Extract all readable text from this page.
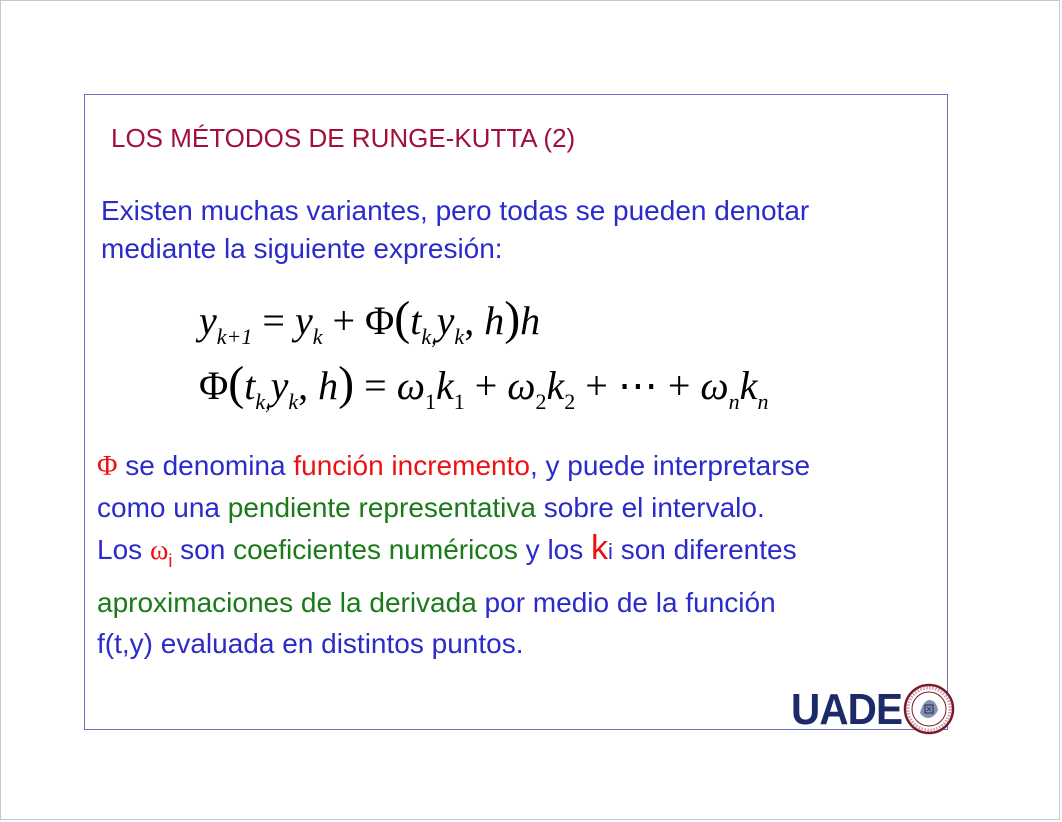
LOS MÉTODOS DE RUNGE-KUTTA (2)
Existen muchas variantes, pero todas se pueden denotar
mediante la siguiente expresión:
$y_{k+1} = y_k + \Phi(t_{k,}y_k$, h)h
$\Phi(t_{k,}y_k$, $h) = \omega_1k_1 + \omega_2k_2$ + ⋯ + $\omega_nk_n$
Φ se denomina función incremento, y puede interpretarse
como una pendiente representativa sobre el intervalo.
Los $\omega_i$ son coeficientes numéricos y los ki son diferentes
aproximaciones de la derivada por medio de la función
f(t,y) evaluada en distintos puntos.
UADE
